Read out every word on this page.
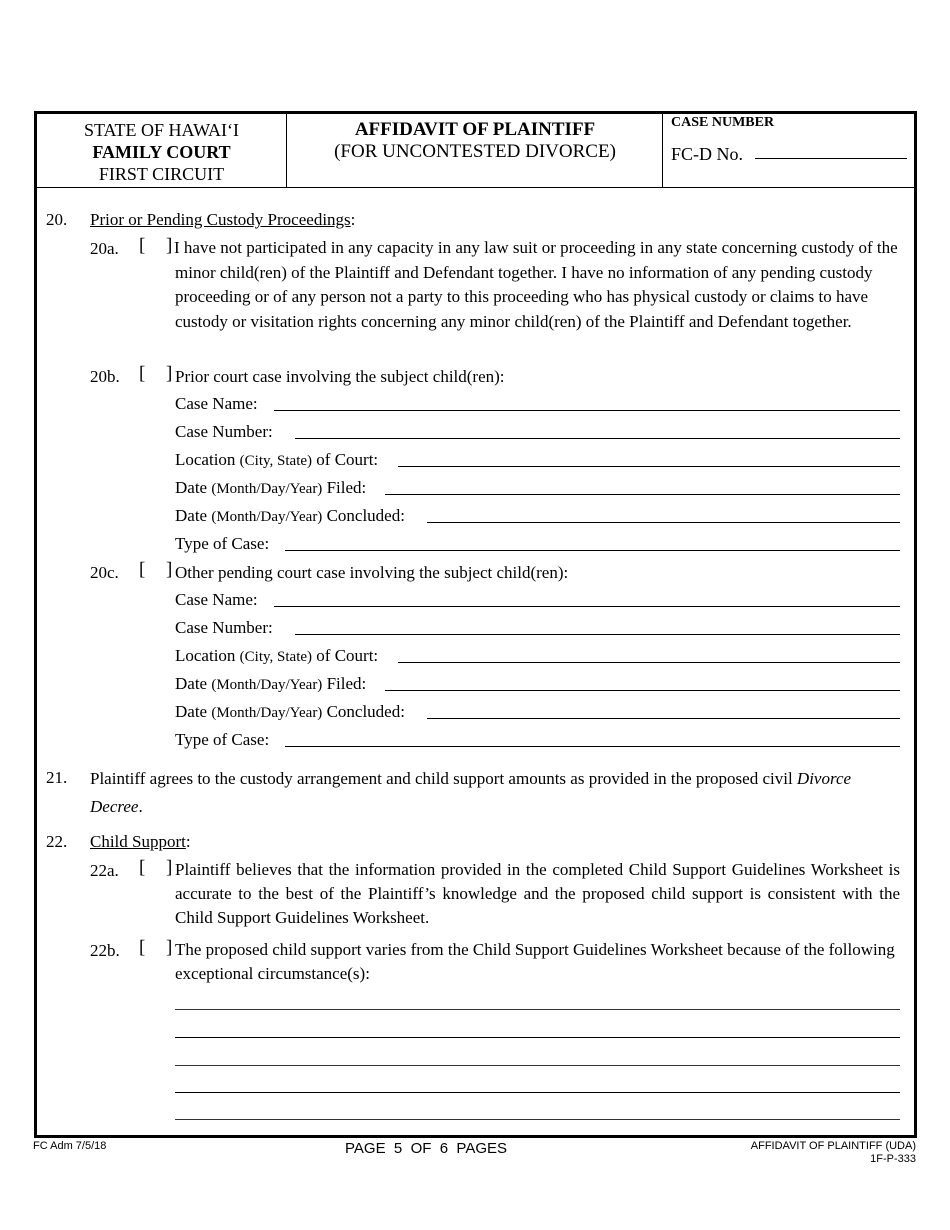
STATE OF HAWAI‘I
FAMILY COURT
FIRST CIRCUIT
AFFIDAVIT OF PLAINTIFF
(FOR UNCONTESTED DIVORCE)
CASE NUMBER
FC-D No.
20. Prior or Pending Custody Proceedings:
20a. [ ] I have not participated in any capacity in any law suit or proceeding in any state concerning custody of the minor child(ren) of the Plaintiff and Defendant together. I have no information of any pending custody proceeding or of any person not a party to this proceeding who has physical custody or claims to have custody or visitation rights concerning any minor child(ren) of the Plaintiff and Defendant together.
20b. [ ] Prior court case involving the subject child(ren):
Case Name:
Case Number:
Location (City, State) of Court:
Date (Month/Day/Year) Filed:
Date (Month/Day/Year) Concluded:
Type of Case:
20c. [ ] Other pending court case involving the subject child(ren):
Case Name:
Case Number:
Location (City, State) of Court:
Date (Month/Day/Year) Filed:
Date (Month/Day/Year) Concluded:
Type of Case:
21. Plaintiff agrees to the custody arrangement and child support amounts as provided in the proposed civil Divorce Decree.
22. Child Support:
22a. [ ] Plaintiff believes that the information provided in the completed Child Support Guidelines Worksheet is accurate to the best of the Plaintiff’s knowledge and the proposed child support is consistent with the Child Support Guidelines Worksheet.
22b. [ ] The proposed child support varies from the Child Support Guidelines Worksheet because of the following exceptional circumstance(s):
FC Adm 7/5/18	PAGE  5  OF  6  PAGES	AFFIDAVIT OF PLAINTIFF (UDA)
1F-P-333
